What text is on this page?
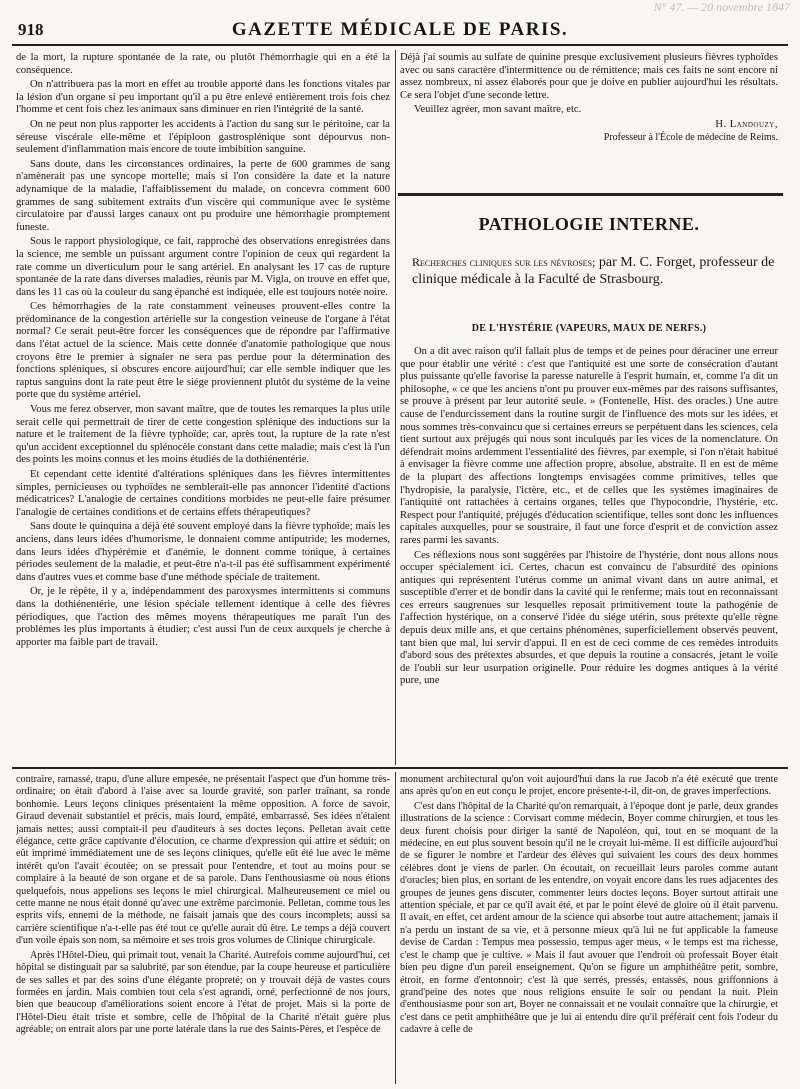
N° 47. — 20 novembre 1847
918	GAZETTE MÉDICALE DE PARIS.

de la mort, la rupture spontanée de la rate, ou plutôt l'hémorrhagie qui en a été la conséquence.

On n'attribuera pas la mort en effet au trouble apporté dans les fonctions vitales par la lésion d'un organe si peu important qu'il a pu être enlevé entièrement trois fois chez l'homme et cent fois chez les animaux sans diminuer en rien l'intégrité de la santé.

On ne peut non plus rapporter les accidents à l'action du sang sur le péritoine, car la séreuse viscérale elle-même et l'épiploon gastrosplénique sont dépourvus non-seulement d'inflammation mais encore de toute imbibition sanguine.

Sans doute, dans les circonstances ordinaires, la perte de 600 grammes de sang n'amènerait pas une syncope mortelle; mais si l'on considère la date et la nature adynamique de la maladie, l'affaiblissement du malade, on concevra comment 600 grammes de sang subitement extraits d'un viscère qui communique avec le système circulatoire par d'aussi larges canaux ont pu produire une hémorrhagie promptement funeste.

Sous le rapport physiologique, ce fait, rapproché des observations enregistrées dans la science, me semble un puissant argument contre l'opinion de ceux qui regardent la rate comme un diverticulum pour le sang artériel. En analysant les 17 cas de rupture spontanée de la rate dans diverses maladies, réunis par M. Vigla, on trouve en effet que, dans les 11 cas où la couleur du sang épanché est indiquée, elle est toujours notée noire.

Ces hémorrhagies de la rate constamment veineuses prouvent-elles contre la prédominance de la congestion artérielle sur la congestion veineuse de l'organe à l'état normal? Ce serait peut-être forcer les conséquences que de répondre par l'affirmative dans l'état actuel de la science. Mais cette donnée d'anatomie pathologique que nous croyons être le premier à signaler ne sera pas perdue pour la détermination des fonctions spléniques, si obscures encore aujourd'hui; car elle semble indiquer que les raptus sanguins dont la rate peut être le siége proviennent plutôt du système de la veine porte que du système artériel.

Vous me ferez observer, mon savant maître, que de toutes les remarques la plus utile serait celle qui permettrait de tirer de cette congestion splénique des inductions sur la nature et le traitement de la fièvre typhoïde; car, après tout, la rupture de la rate n'est qu'un accident exceptionnel du splénocèle constant dans cette maladie; mais c'est là l'un des points les moins connus et les moins étudiés de la dothiénentérie.

Et cependant cette identité d'altérations spléniques dans les fièvres intermittentes simples, pernicieuses ou typhoïdes ne semblerait-elle pas annoncer l'identité d'actions médicatrices? L'analogie de certaines conditions morbides ne peut-elle faire présumer l'analogie de certaines conditions et de certains effets thérapeutiques?

Sans doute le quinquina a déjà été souvent employé dans la fièvre typhoïde; mais les anciens, dans leurs idées d'humorisme, le donnaient comme antiputride; les modernes, dans leurs idées d'hypérémie et d'anémie, le donnent comme tonique, à certaines périodes seulement de la maladie, et peut-être n'a-t-il pas été suffisamment expérimenté dans d'autres vues et comme base d'une méthode spéciale de traitement.

Or, je le répète, il y a, indépendamment des paroxysmes intermittents si communs dans la dothiénentérie, une lésion spéciale tellement identique à celle des fièvres périodiques, que l'action des mêmes moyens thérapeutiques me paraît l'un des problèmes les plus importants à étudier; c'est aussi l'un de ceux auxquels je cherche à apporter ma faible part de travail.

Déjà j'ai soumis au sulfate de quinine presque exclusivement plusieurs fièvres typhoïdes avec ou sans caractère d'intermittence ou de rémittence; mais ces faits ne sont encore ni assez nombreux, ni assez élaborés pour que je doive en publier aujourd'hui les résultats. Ce sera l'objet d'une seconde lettre.

Veuillez agréer, mon savant maître, etc.

H. Landouzy,
Professeur à l'École de médecine de Reims.
PATHOLOGIE INTERNE.
Recherches cliniques sur les névroses; par M. C. Forget, professeur de clinique médicale à la Faculté de Strasbourg.
DE L'HYSTÉRIE (VAPEURS, MAUX DE NERFS.)

On a dit avec raison qu'il fallait plus de temps et de peines pour déraciner une erreur que pour établir une vérité : c'est que l'antiquité est une sorte de consécration d'autant plus puissante qu'elle favorise la paresse naturelle à l'esprit humain, et, comme l'a dit un philosophe, « ce que les anciens n'ont pu prouver eux-mêmes par des raisons suffisantes, se prouve à présent par leur autorité seule. » (Fontenelle, Hist. des oracles.) Une autre cause de l'endurcissement dans la routine surgit de l'influence des mots sur les idées, et nous sommes très-convaincu que si certaines erreurs se perpétuent dans les sciences, cela tient surtout aux préjugés qui nous sont inculqués par les vices de la nomenclature. On défendrait moins ardemment l'essentialité des fièvres, par exemple, si l'on n'était habitué à envisager la fièvre comme une affection propre, absolue, abstraite. Il en est de même de la plupart des affections longtemps envisagées comme primitives, telles que l'hydropisie, la paralysie, l'ictère, etc., et de celles que les systèmes imaginaires de l'antiquité ont rattachées à certains organes, telles que l'hypocondrie, l'hystérie, etc. Respect pour l'antiquité, préjugés d'éducation scientifique, telles sont donc les influences capitales auxquelles, pour se soustraire, il faut une force d'esprit et de conviction assez rares parmi les savants.

Ces réflexions nous sont suggérées par l'histoire de l'hystérie, dont nous allons nous occuper spécialement ici. Certes, chacun est convaincu de l'absurdité des opinions antiques qui représentent l'utérus comme un animal vivant dans un autre animal, et susceptible d'errer et de bondir dans la cavité qui le renferme; mais tout en reconnaissant ces erreurs saugrenues sur lesquelles reposait primitivement toute la pathogénie de l'affection hystérique, on a conservé l'idée du siége utérin, sous prétexte qu'elle règne depuis deux mille ans, et que certains phénomènes, superficiellement observés peuvent, tant bien que mal, lui servir d'appui. Il en est de ceci comme de ces remèdes introduits d'abord sous des prétextes absurdes, et que depuis la routine a consacrés, jetant le voile de l'oubli sur leur usurpation originelle. Pour réduire les dogmes antiques à la vérité pure, une

contraire, ramassé, trapu, d'une allure empesée, ne présentait l'aspect que d'un homme très-ordinaire; on était d'abord à l'aise avec sa lourde gravité, son parler traînant, sa ronde bonhomie. Leurs leçons cliniques présentaient la même opposition. A force de savoir, Giraud devenait substantiel et précis, mais lourd, empâté, embarrassé. Ses idées n'étaient jamais nettes; aussi comptait-il peu d'auditeurs à ses doctes leçons. Pelletan avait cette élégance, cette grâce captivante d'élocution, ce charme d'expression qui attire et séduit; on eût imprimé immédiatement une de ses leçons cliniques, qu'elle eût été lue avec le même intérêt qu'on l'avait écoutée; on se pressait pour l'entendre, et tout au moins pour se complaire à la beauté de son organe et de sa parole. Dans l'enthousiasme où nous étions quelquefois, nous appelions ses leçons le miel chirurgical. Malheureusement ce miel ou cette manne ne nous était donné qu'avec une extrême parcimonie. Pelletan, comme tous les esprits vifs, ennemi de la méthode, ne faisait jamais que des cours incomplets; aussi sa carrière scientifique n'a-t-elle pas été tout ce qu'elle aurait dû être. Le temps a déjà couvert d'un voile épais son nom, sa mémoire et ses trois gros volumes de Clinique chirurgicale.

Après l'Hôtel-Dieu, qui primait tout, venait la Charité. Autrefois comme aujourd'hui, cet hôpital se distinguait par sa salubrité, par son étendue, par la coupe heureuse et particulière de ses salles et par des soins d'une élégante propreté; on y trouvait déjà de vastes cours formées en jardin. Mais combien tout cela s'est agrandi, orné, perfectionné de nos jours, bien que beaucoup d'améliorations soient encore à l'état de projet. Mais si la porte de l'Hôtel-Dieu était triste et sombre, celle de l'hôpital de la Charité n'était guère plus agréable; on entrait alors par une porte latérale dans la rue des Saints-Pères, et l'espèce de

monument architectural qu'on voit aujourd'hui dans la rue Jacob n'a été exécuté que trente ans après qu'on en eut conçu le projet, encore présente-t-il, dit-on, de graves imperfections.

C'est dans l'hôpital de la Charité qu'on remarquait, à l'époque dont je parle, deux grandes illustrations de la science : Corvisart comme médecin, Boyer comme chirurgien, et tous les deux furent choisis pour diriger la santé de Napoléon, qui, tout en se moquant de la médecine, en eut plus souvent besoin qu'il ne le croyait lui-même. Il est difficile aujourd'hui de se figurer le nombre et l'ardeur des élèves qui suivaient les cours des deux hommes célèbres dont je viens de parler. On écoutait, on recueillait leurs paroles comme autant d'oracles; bien plus, en sortant de les entendre, on voyait encore dans les rues adjacentes des groupes de jeunes gens discuter, commenter leurs doctes leçons. Boyer surtout attirait une attention spéciale, et par ce qu'il avait été, et par le point élevé de gloire où il était parvenu. Il avait, en effet, cet ardent amour de la science qui absorbe tout autre attachement; jamais il n'a perdu un instant de sa vie, et à personne mieux qu'à lui ne fut applicable la fameuse devise de Cardan : Tempus mea possessio, tempus ager meus, « le temps est ma richesse, c'est le champ que je cultive. » Mais il faut avouer que l'endroit où professait Boyer était bien peu digne d'un pareil enseignement. Qu'on se figure un amphithéâtre petit, sombre, étroit, en forme d'entonnoir; c'est là que serrés, pressés, entassés, nous griffonnions à grand'peine des notes que nous religions ensuite le soir ou pendant la nuit. Plein d'enthousiasme pour son art, Boyer ne connaissait et ne voulait connaître que la chirurgie, et c'est dans ce petit amphithéâtre que je lui ai entendu dire qu'il préférait cent fois l'odeur du cadavre à celle de
